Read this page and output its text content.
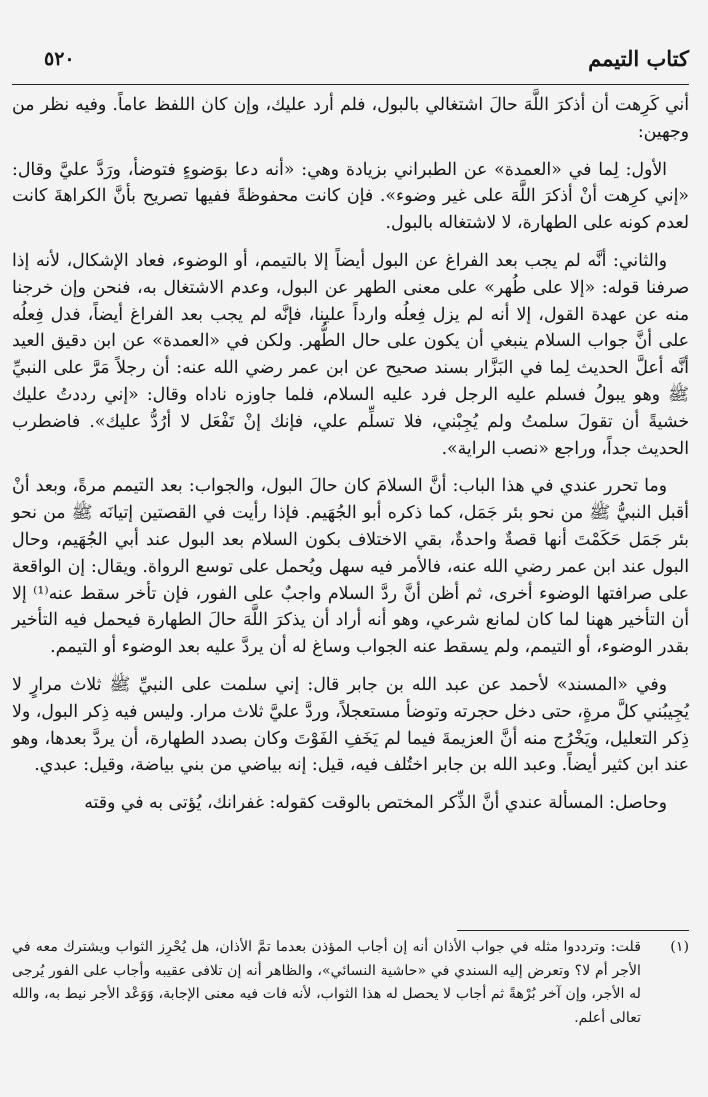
كتاب التيمم
٥٢٠

أني كَرِهت أن أذكرَ اللَّهَ حالَ اشتغالي بالبول، فلم أرد عليك، وإن كان اللفظ عاماً. وفيه نظر من وجهين:

الأول: لِما في «العمدة» عن الطبراني بزيادة وهي: «أنه دعا بوَضوءٍ فتوضأ، ورَدَّ عليَّ وقال: «إني كرِهت أنْ أذكرَ اللَّهَ على غير وضوء». فإن كانت محفوظةً ففيها تصريح بأنَّ الكراهةَ كانت لعدم كونه على الطهارة، لا لاشتغاله بالبول.

والثاني: أنَّه لم يجب بعد الفراغ عن البول أيضاً إلا بالتيمم، أو الوضوء، فعاد الإشكال، لأنه إذا صرفنا قوله: «إلا على طُهر» على معنى الطهر عن البول، وعدم الاشتغال به، فنحن وإن خرجنا منه عن عهدة القول، إلا أنه لم يزل فِعلُه وارداً علينا، فإنَّه لم يجب بعد الفراغ أيضاً، فدل فِعلُه على أنَّ جواب السلام ينبغي أن يكون على حال الطُّهر. ولكن في «العمدة» عن ابن دقيق العيد أنَّه أعلَّ الحديث لِما في البَزَّار بسند صحيح عن ابن عمر رضي الله عنه: أن رجلاً مَرَّ على النبيِّ ﷺ وهو يبولُ فسلم عليه الرجل فرد عليه السلام، فلما جاوزه ناداه وقال: «إني رددتُ عليك خشيةً أن تقولَ سلمتُ ولم يُجِبْني، فلا تسلِّم علي، فإنك إنْ تَفْعَل لا أرُدُّ عليك». فاضطرب الحديث جداً، وراجع «نصب الراية».

وما تحرر عندي في هذا الباب: أنَّ السلامَ كان حالَ البول، والجواب: بعد التيمم مرةً، وبعد أنْ أقبل النبيُّ ﷺ من نحو بئر جَمَل، كما ذكره أبو الجُهَيم. فإذا رأيت في القصتين إتيانَه ﷺ من نحو بئر جَمَل حَكَمْتَ أنها قصةٌ واحدةٌ، بقي الاختلاف بكون السلام بعد البول عند أبي الجُهَيم، وحال البول عند ابن عمر رضي الله عنه، فالأمر فيه سهل ويُحمل على توسع الرواة. ويقال: إن الواقعة على صرافتها الوضوء أخرى، ثم أظن أنَّ ردَّ السلام واجبٌ على الفور، فإن تأخر سقط عنه⁽¹⁾ إلا أن التأخير ههنا لما كان لمانع شرعي، وهو أنه أراد أن يذكرَ اللَّهَ حالَ الطهارة فيحمل فيه التأخير بقدر الوضوء، أو التيمم، ولم يسقط عنه الجواب وساغ له أن يردَّ عليه بعد الوضوء أو التيمم.

وفي «المسند» لأحمد عن عبد الله بن جابر قال: إني سلمت على النبيِّ ﷺ ثلاث مرارٍ لا يُجِيبُني كلَّ مرةٍ، حتى دخل حجرته وتوضأ مستعجلاً، وردَّ عليَّ ثلاث مرار. وليس فيه ذِكر البول، ولا ذِكر التعليل، ويَخْرُج منه أنَّ العزيمةَ فيما لم يَخَفِ الفَوْتَ وكان بصدد الطهارة، أن يردَّ بعدها، وهو عند ابن كثير أيضاً. وعبد الله بن جابر اختُلف فيه، قيل: إنه بياضي من بني بياضة، وقيل: عبدي.

وحاصل: المسألة عندي أنَّ الذِّكر المختص بالوقت كقوله: غفرانك، يُؤتى به في وقته

(١)
قلت: وترددوا مثله في جواب الأذان أنه إن أجاب المؤذن بعدما تمَّ الأذان، هل يُحْرِز الثواب ويشترك معه في الأجر أم لا؟ وتعرض إليه السندي في «حاشية النسائي»، والظاهر أنه إن تلافى عقيبه وأجاب على الفور يُرجى له الأجر، وإن آخر بُرْهةً ثم أجاب لا يحصل له هذا الثواب، لأنه فات فيه معنى الإجابة، وَوَعْد الأجر نيط به، والله تعالى أعلم.
